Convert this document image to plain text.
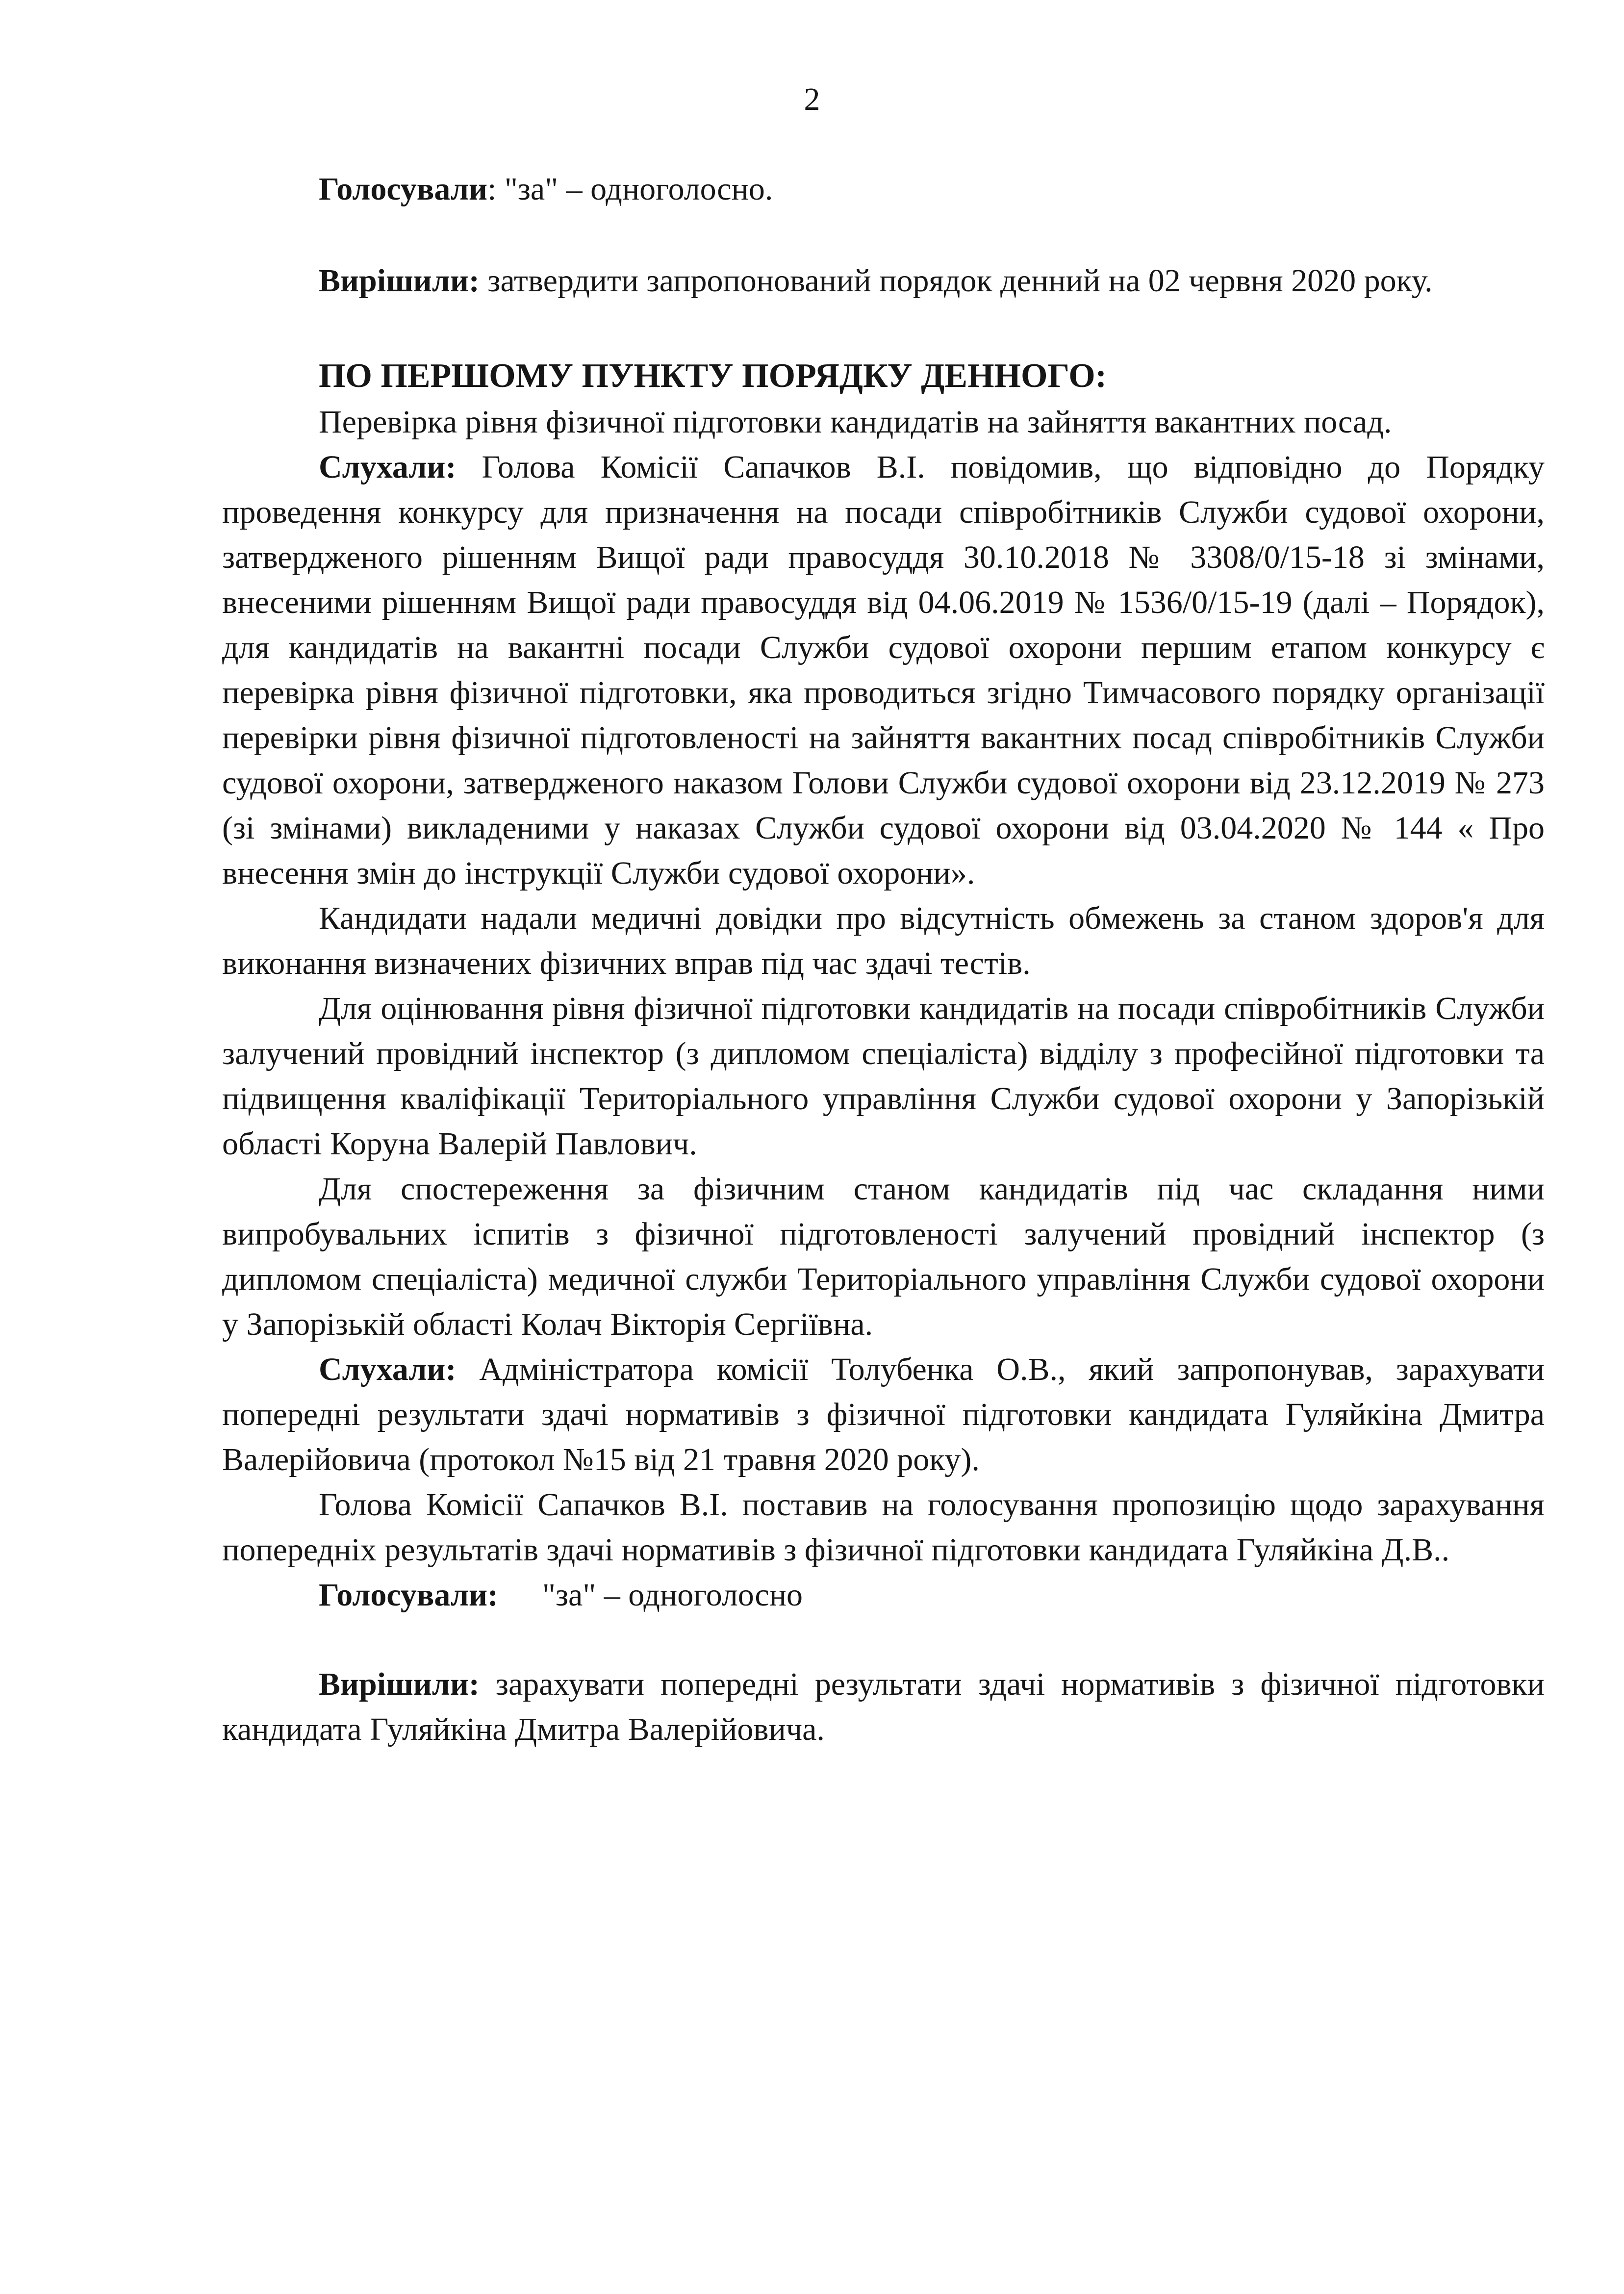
2

Голосували: "за" – одноголосно.

Вирішили: затвердити запропонований порядок денний на 02 червня 2020 року.

ПО ПЕРШОМУ ПУНКТУ ПОРЯДКУ ДЕННОГО:

Перевірка рівня фізичної підготовки кандидатів на зайняття вакантних посад.

Слухали: Голова Комісії Сапачков В.І. повідомив, що відповідно до Порядку проведення конкурсу для призначення на посади співробітників Служби судової охорони, затвердженого рішенням Вищої ради правосуддя 30.10.2018 № 3308/0/15-18 зі змінами, внесеними рішенням Вищої ради правосуддя від 04.06.2019 № 1536/0/15-19 (далі – Порядок), для кандидатів на вакантні посади Служби судової охорони першим етапом конкурсу є перевірка рівня фізичної підготовки, яка проводиться згідно Тимчасового порядку організації перевірки рівня фізичної підготовленості на зайняття вакантних посад співробітників Служби судової охорони, затвердженого наказом Голови Служби судової охорони від 23.12.2019 № 273 (зі змінами) викладеними у наказах Служби судової охорони від 03.04.2020 № 144 « Про внесення змін до інструкції Служби судової охорони».

Кандидати надали медичні довідки про відсутність обмежень за станом здоров'я для виконання визначених фізичних вправ під час здачі тестів.

Для оцінювання рівня фізичної підготовки кандидатів на посади співробітників Служби залучений провідний інспектор (з дипломом спеціаліста) відділу з професійної підготовки та підвищення кваліфікації Територіального управління Служби судової охорони у Запорізькій області Коруна Валерій Павлович.

Для спостереження за фізичним станом кандидатів під час складання ними випробувальних іспитів з фізичної підготовленості залучений провідний інспектор (з дипломом спеціаліста) медичної служби Територіального управління Служби судової охорони у Запорізькій області Колач Вікторія Сергіївна.

Слухали: Адміністратора комісії Толубенка О.В., який запропонував, зарахувати попередні результати здачі нормативів з фізичної підготовки кандидата Гуляйкіна Дмитра Валерійовича (протокол №15 від 21 травня 2020 року).

Голова Комісії Сапачков В.І. поставив на голосування пропозицію щодо зарахування попередніх результатів здачі нормативів з фізичної підготовки кандидата Гуляйкіна Д.В..

Голосували: "за" – одноголосно

Вирішили: зарахувати попередні результати здачі нормативів з фізичної підготовки кандидата Гуляйкіна Дмитра Валерійовича.
